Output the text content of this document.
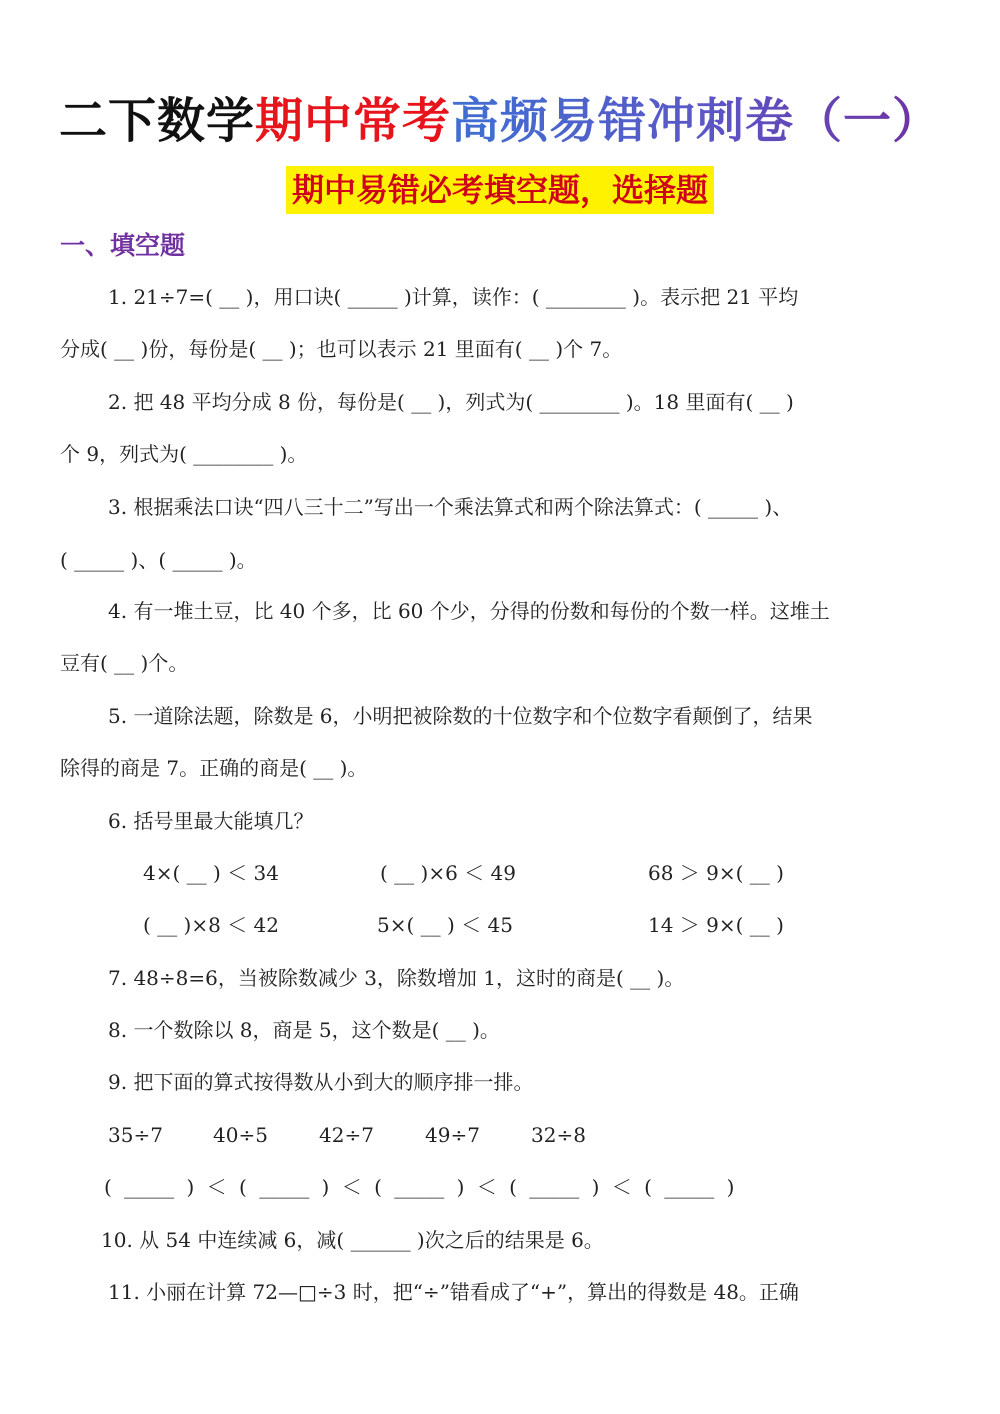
二下数学期中常考高频易错冲刺卷（一）
期中易错必考填空题，选择题
一、填空题
1. 21÷7=( __ )，用口诀( _____ )计算，读作：( ________ )。表示把 21 平均
分成( __ )份，每份是( __ )；也可以表示 21 里面有( __ )个 7。
2. 把 48 平均分成 8 份，每份是( __ )，列式为( ________ )。18 里面有( __ )
个 9，列式为( ________ )。
3. 根据乘法口诀“四八三十二”写出一个乘法算式和两个除法算式：( _____ )、
( _____ )、( _____ )。
4. 有一堆土豆，比 40 个多，比 60 个少，分得的份数和每份的个数一样。这堆土
豆有( __ )个。
5. 一道除法题，除数是 6，小明把被除数的十位数字和个位数字看颠倒了，结果
除得的商是 7。正确的商是( __ )。
6. 括号里最大能填几？
4×( __ ) ＜ 34	( __ )×6 ＜ 49	68 ＞ 9×( __ )
( __ )×8 ＜ 42	5×( __ ) ＜ 45	14 ＞ 9×( __ )
7. 48÷8=6，当被除数减少 3，除数增加 1，这时的商是( __ )。
8. 一个数除以 8，商是 5，这个数是( __ )。
9. 把下面的算式按得数从小到大的顺序排一排。
35÷7	40÷5	42÷7	49÷7	32÷8
( _____ ) ＜ ( _____ ) ＜ ( _____ ) ＜ ( _____ ) ＜ ( _____ )
10. 从 54 中连续减 6，减( ______ )次之后的结果是 6。
11. 小丽在计算 72—□÷3 时，把“÷”错看成了“+”，算出的得数是 48。正确
